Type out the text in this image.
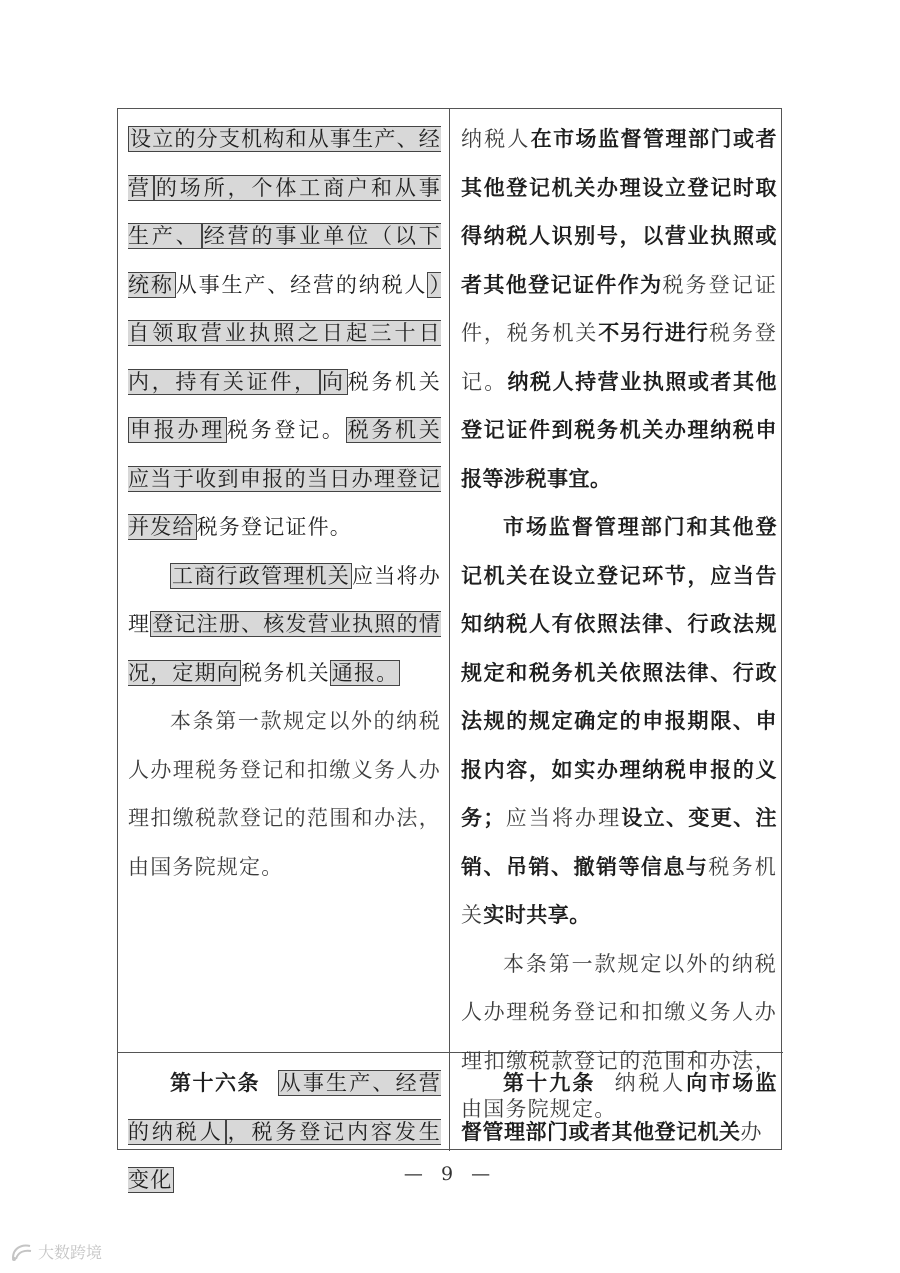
设立的分支机构和从事生产、经营 的场所，个体工商户和从事生产、 经营的事业单位（以下统称从事生产、经营的纳税人）自领取营业执照之日起三十日内，持有关证件， 向税务机关申报办理税务登记。税务机关应当于收到申报的当日办理登记并发给税务登记证件。

工商行政管理机关应当将办理登记注册、核发营业执照的情况，定期向税务机关通报。

本条第一款规定以外的纳税人办理税务登记和扣缴义务人办理扣缴税款登记的范围和办法，由国务院规定。

纳税人在市场监督管理部门或者其他登记机关办理设立登记时取得纳税人识别号，以营业执照或者其他登记证件作为税务登记证件，税务机关不另行进行税务登记。纳税人持营业执照或者其他登记证件到税务机关办理纳税申报等涉税事宜。

市场监督管理部门和其他登记机关在设立登记环节，应当告知纳税人有依照法律、行政法规规定和税务机关依照法律、行政法规的规定确定的申报期限、申报内容，如实办理纳税申报的义务；应当将办理设立、变更、注销、吊销、撤销等信息与税务机关实时共享。

本条第一款规定以外的纳税人办理税务登记和扣缴义务人办理扣缴税款登记的范围和办法，由国务院规定。

第十六条 从事生产、经营的纳税人 ，税务登记内容发生变化

第十九条 纳税人向市场监督管理部门或者其他登记机关办

— 9 —
大数跨境
